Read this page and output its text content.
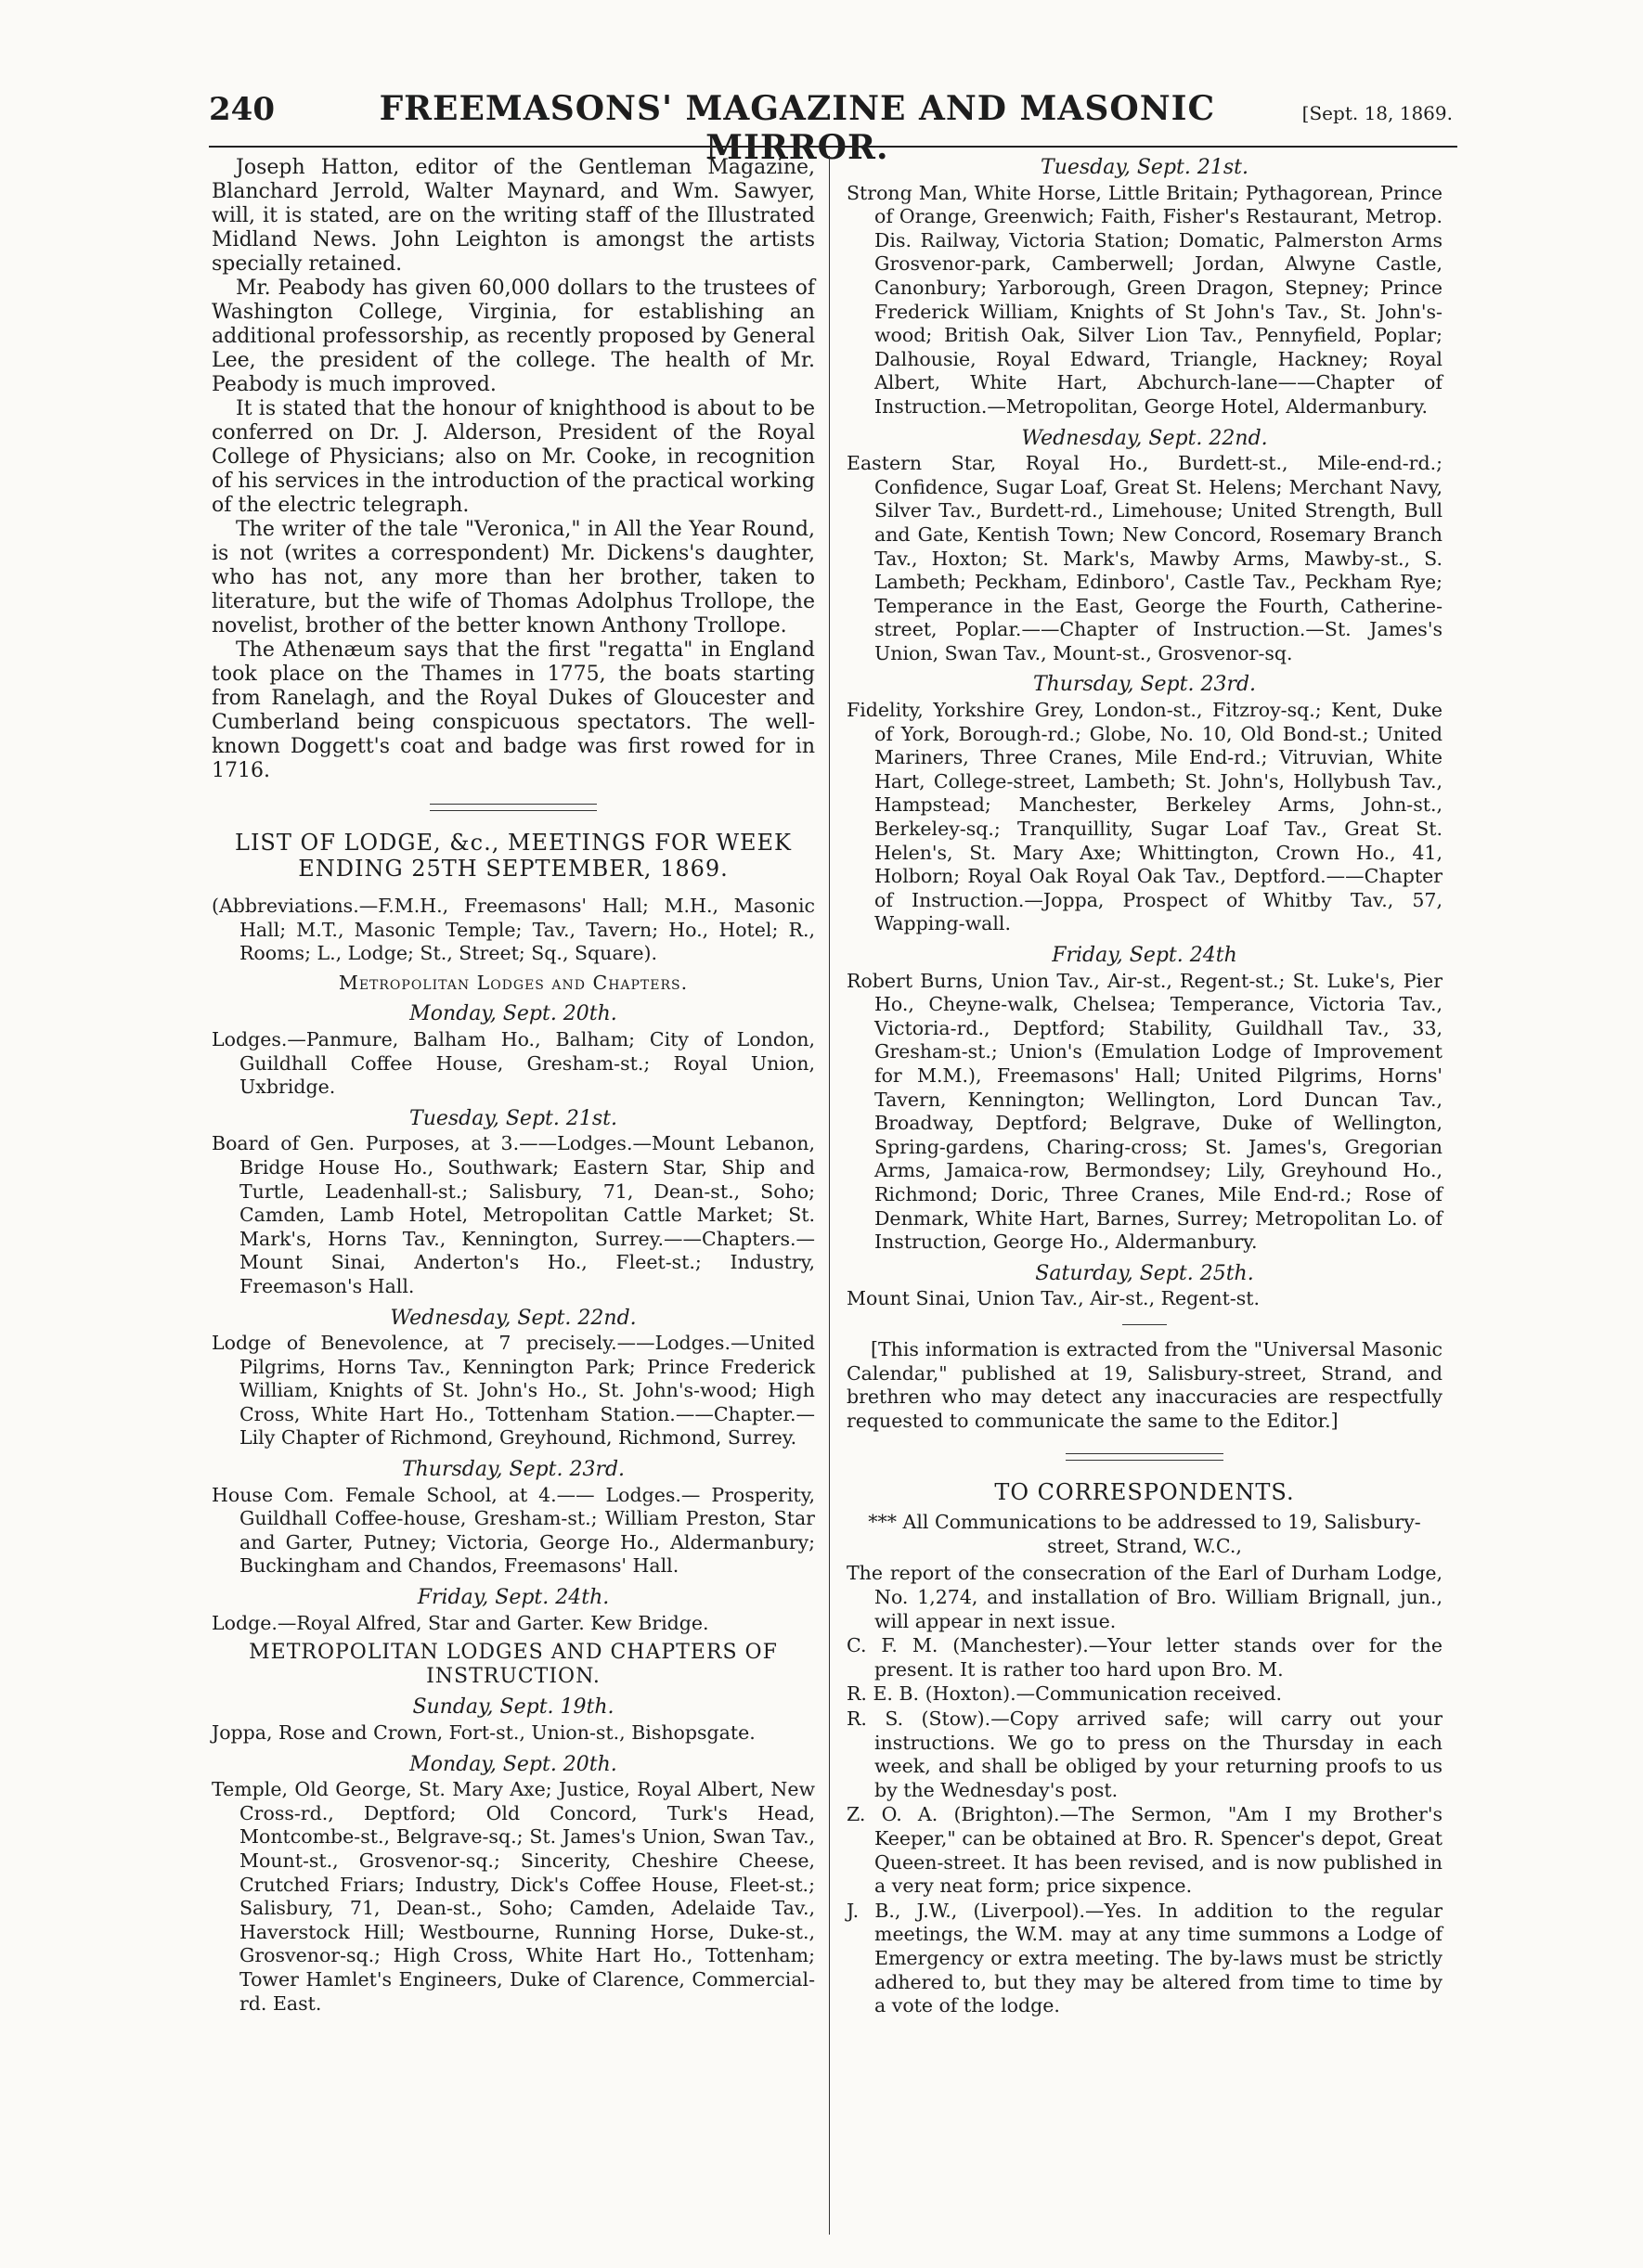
240	FREEMASONS' MAGAZINE AND MASONIC MIRROR.
[Sept. 18, 1869.

Joseph Hatton, editor of the Gentleman Magazine, Blanchard Jerrold, Walter Maynard, and Wm. Sawyer, will, it is stated, are on the writing staff of the Illustrated Midland News. John Leighton is amongst the artists specially retained.

Mr. Peabody has given 60,000 dollars to the trustees of Washington College, Virginia, for establishing an additional professorship, as recently proposed by General Lee, the president of the college. The health of Mr. Peabody is much improved.

It is stated that the honour of knighthood is about to be conferred on Dr. J. Alderson, President of the Royal College of Physicians; also on Mr. Cooke, in recognition of his services in the introduction of the practical working of the electric telegraph.

The writer of the tale "Veronica," in All the Year Round, is not (writes a correspondent) Mr. Dickens's daughter, who has not, any more than her brother, taken to literature, but the wife of Thomas Adolphus Trollope, the novelist, brother of the better known Anthony Trollope.

The Athenæum says that the first "regatta" in England took place on the Thames in 1775, the boats starting from Ranelagh, and the Royal Dukes of Gloucester and Cumberland being conspicuous spectators. The well-known Doggett's coat and badge was first rowed for in 1716.

LIST OF LODGE, &c., MEETINGS FOR WEEK ENDING 25TH SEPTEMBER, 1869.

(Abbreviations.—F.M.H., Freemasons' Hall; M.H., Masonic Hall; M.T., Masonic Temple; Tav., Tavern; Ho., Hotel; R., Rooms; L., Lodge; St., Street; Sq., Square).

Metropolitan Lodges and Chapters.

Monday, Sept. 20th.

Lodges.—Panmure, Balham Ho., Balham; City of London, Guildhall Coffee House, Gresham-st.; Royal Union, Uxbridge.

Tuesday, Sept. 21st.

Board of Gen. Purposes, at 3.——Lodges.—Mount Lebanon, Bridge House Ho., Southwark; Eastern Star, Ship and Turtle, Leadenhall-st.; Salisbury, 71, Dean-st., Soho; Camden, Lamb Hotel, Metropolitan Cattle Market; St. Mark's, Horns Tav., Kennington, Surrey.——Chapters.—Mount Sinai, Anderton's Ho., Fleet-st.; Industry, Freemason's Hall.

Wednesday, Sept. 22nd.

Lodge of Benevolence, at 7 precisely.——Lodges.—United Pilgrims, Horns Tav., Kennington Park; Prince Frederick William, Knights of St. John's Ho., St. John's-wood; High Cross, White Hart Ho., Tottenham Station.——Chapter.—Lily Chapter of Richmond, Greyhound, Richmond, Surrey.

Thursday, Sept. 23rd.

House Com. Female School, at 4.—— Lodges.— Prosperity, Guildhall Coffee-house, Gresham-st.; William Preston, Star and Garter, Putney; Victoria, George Ho., Aldermanbury; Buckingham and Chandos, Freemasons' Hall.

Friday, Sept. 24th.

Lodge.—Royal Alfred, Star and Garter. Kew Bridge.

METROPOLITAN LODGES AND CHAPTERS OF INSTRUCTION.

Sunday, Sept. 19th.

Joppa, Rose and Crown, Fort-st., Union-st., Bishopsgate.

Monday, Sept. 20th.

Temple, Old George, St. Mary Axe; Justice, Royal Albert, New Cross-rd., Deptford; Old Concord, Turk's Head, Montcombe-st., Belgrave-sq.; St. James's Union, Swan Tav., Mount-st., Grosvenor-sq.; Sincerity, Cheshire Cheese, Crutched Friars; Industry, Dick's Coffee House, Fleet-st.; Salisbury, 71, Dean-st., Soho; Camden, Adelaide Tav., Haverstock Hill; Westbourne, Running Horse, Duke-st., Grosvenor-sq.; High Cross, White Hart Ho., Tottenham; Tower Hamlet's Engineers, Duke of Clarence, Commercial-rd. East.

Tuesday, Sept. 21st.

Strong Man, White Horse, Little Britain; Pythagorean, Prince of Orange, Greenwich; Faith, Fisher's Restaurant, Metrop. Dis. Railway, Victoria Station; Domatic, Palmerston Arms Grosvenor-park, Camberwell; Jordan, Alwyne Castle, Canonbury; Yarborough, Green Dragon, Stepney; Prince Frederick William, Knights of St John's Tav., St. John's-wood; British Oak, Silver Lion Tav., Pennyfield, Poplar; Dalhousie, Royal Edward, Triangle, Hackney; Royal Albert, White Hart, Abchurch-lane——Chapter of Instruction.—Metropolitan, George Hotel, Aldermanbury.

Wednesday, Sept. 22nd.

Eastern Star, Royal Ho., Burdett-st., Mile-end-rd.; Confidence, Sugar Loaf, Great St. Helens; Merchant Navy, Silver Tav., Burdett-rd., Limehouse; United Strength, Bull and Gate, Kentish Town; New Concord, Rosemary Branch Tav., Hoxton; St. Mark's, Mawby Arms, Mawby-st., S. Lambeth; Peckham, Edinboro', Castle Tav., Peckham Rye; Temperance in the East, George the Fourth, Catherine-street, Poplar.——Chapter of Instruction.—St. James's Union, Swan Tav., Mount-st., Grosvenor-sq.

Thursday, Sept. 23rd.

Fidelity, Yorkshire Grey, London-st., Fitzroy-sq.; Kent, Duke of York, Borough-rd.; Globe, No. 10, Old Bond-st.; United Mariners, Three Cranes, Mile End-rd.; Vitruvian, White Hart, College-street, Lambeth; St. John's, Hollybush Tav., Hampstead; Manchester, Berkeley Arms, John-st., Berkeley-sq.; Tranquillity, Sugar Loaf Tav., Great St. Helen's, St. Mary Axe; Whittington, Crown Ho., 41, Holborn; Royal Oak Royal Oak Tav., Deptford.——Chapter of Instruction.—Joppa, Prospect of Whitby Tav., 57, Wapping-wall.

Friday, Sept. 24th

Robert Burns, Union Tav., Air-st., Regent-st.; St. Luke's, Pier Ho., Cheyne-walk, Chelsea; Temperance, Victoria Tav., Victoria-rd., Deptford; Stability, Guildhall Tav., 33, Gresham-st.; Union's (Emulation Lodge of Improvement for M.M.), Freemasons' Hall; United Pilgrims, Horns' Tavern, Kennington; Wellington, Lord Duncan Tav., Broadway, Deptford; Belgrave, Duke of Wellington, Spring-gardens, Charing-cross; St. James's, Gregorian Arms, Jamaica-row, Bermondsey; Lily, Greyhound Ho., Richmond; Doric, Three Cranes, Mile End-rd.; Rose of Denmark, White Hart, Barnes, Surrey; Metropolitan Lo. of Instruction, George Ho., Aldermanbury.

Saturday, Sept. 25th.

Mount Sinai, Union Tav., Air-st., Regent-st.

[This information is extracted from the "Universal Masonic Calendar," published at 19, Salisbury-street, Strand, and brethren who may detect any inaccuracies are respectfully requested to communicate the same to the Editor.]

TO CORRESPONDENTS.

*** All Communications to be addressed to 19, Salisbury-street, Strand, W.C.,

The report of the consecration of the Earl of Durham Lodge, No. 1,274, and installation of Bro. William Brignall, jun., will appear in next issue.

C. F. M. (Manchester).—Your letter stands over for the present. It is rather too hard upon Bro. M.

R. E. B. (Hoxton).—Communication received.

R. S. (Stow).—Copy arrived safe; will carry out your instructions. We go to press on the Thursday in each week, and shall be obliged by your returning proofs to us by the Wednesday's post.

Z. O. A. (Brighton).—The Sermon, "Am I my Brother's Keeper," can be obtained at Bro. R. Spencer's depot, Great Queen-street. It has been revised, and is now published in a very neat form; price sixpence.

J. B., J.W., (Liverpool).—Yes. In addition to the regular meetings, the W.M. may at any time summons a Lodge of Emergency or extra meeting. The by-laws must be strictly adhered to, but they may be altered from time to time by a vote of the lodge.
